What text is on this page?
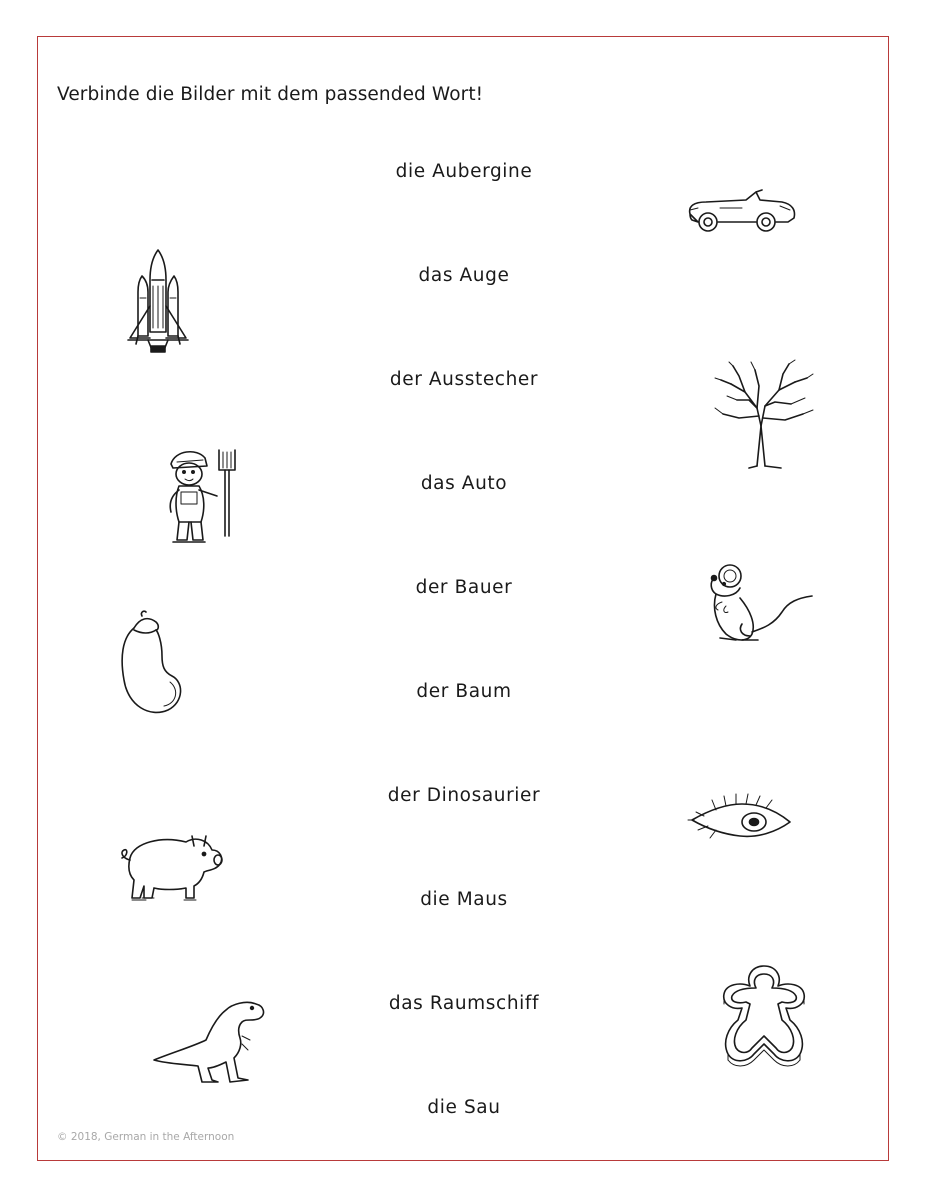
Verbinde die Bilder mit dem passended Wort!
die Aubergine
das Auge
der Ausstecher
das Auto
der Bauer
der Baum
der Dinosaurier
die Maus
das Raumschiff
die Sau
© 2018, German in the Afternoon
